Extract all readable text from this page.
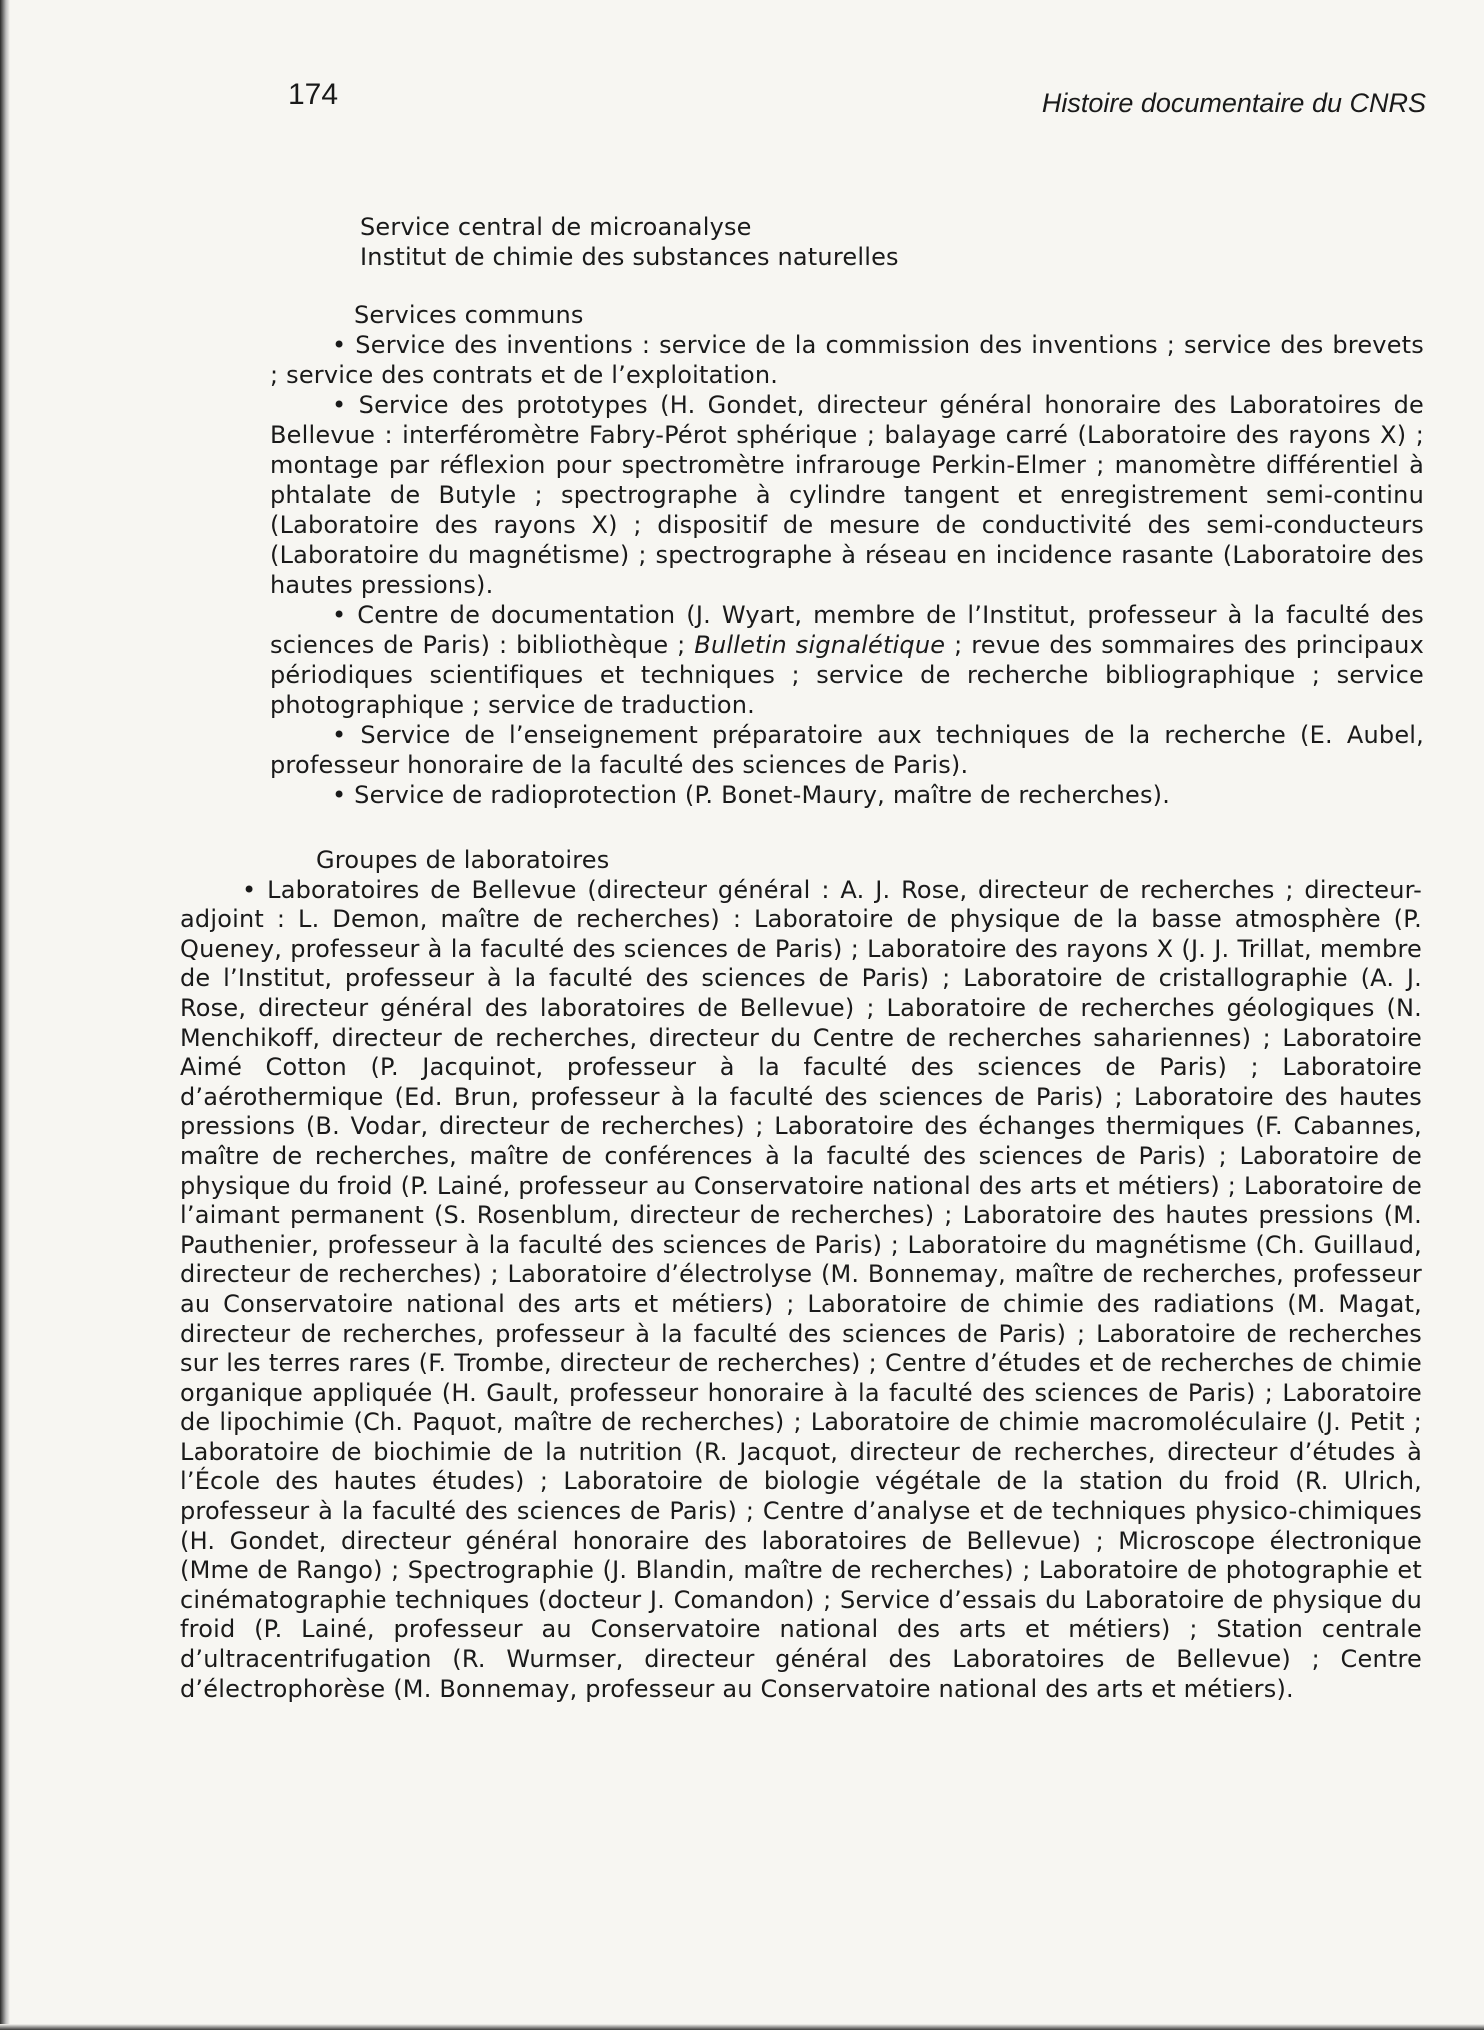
174	Histoire documentaire du CNRS

Service central de microanalyse

Institut de chimie des substances naturelles

Services communs

• Service des inventions : service de la commission des inventions ; service des brevets ; service des contrats et de l’exploitation.

• Service des prototypes (H. Gondet, directeur général honoraire des Laboratoires de Bellevue : interféromètre Fabry-Pérot sphérique ; balayage carré (Laboratoire des rayons X) ; montage par réflexion pour spectromètre infrarouge Perkin-Elmer ; manomètre différentiel à phtalate de Butyle ; spectrographe à cylindre tangent et enregistrement semi-continu (Laboratoire des rayons X) ; dispositif de mesure de conductivité des semi-conducteurs (Laboratoire du magnétisme) ; spectrographe à réseau en incidence rasante (Laboratoire des hautes pressions).

• Centre de documentation (J. Wyart, membre de l’Institut, professeur à la faculté des sciences de Paris) : bibliothèque ; Bulletin signalétique ; revue des sommaires des principaux périodiques scientifiques et techniques ; service de recherche bibliographique ; service photographique ; service de traduction.

• Service de l’enseignement préparatoire aux techniques de la recherche (E. Aubel, professeur honoraire de la faculté des sciences de Paris).

• Service de radioprotection (P. Bonet-Maury, maître de recherches).

Groupes de laboratoires

• Laboratoires de Bellevue (directeur général : A. J. Rose, directeur de recherches ; directeur-adjoint : L. Demon, maître de recherches) : Laboratoire de physique de la basse atmosphère (P. Queney, professeur à la faculté des sciences de Paris) ; Laboratoire des rayons X (J. J. Trillat, membre de l’Institut, professeur à la faculté des sciences de Paris) ; Laboratoire de cristallographie (A. J. Rose, directeur général des laboratoires de Bellevue) ; Laboratoire de recherches géologiques (N. Menchikoff, directeur de recherches, directeur du Centre de recherches sahariennes) ; Laboratoire Aimé Cotton (P. Jacquinot, professeur à la faculté des sciences de Paris) ; Laboratoire d’aérothermique (Ed. Brun, professeur à la faculté des sciences de Paris) ; Laboratoire des hautes pressions (B. Vodar, directeur de recherches) ; Laboratoire des échanges thermiques (F. Cabannes, maître de recherches, maître de conférences à la faculté des sciences de Paris) ; Laboratoire de physique du froid (P. Lainé, professeur au Conservatoire national des arts et métiers) ; Laboratoire de l’aimant permanent (S. Rosenblum, directeur de recherches) ; Laboratoire des hautes pressions (M. Pauthenier, professeur à la faculté des sciences de Paris) ; Laboratoire du magnétisme (Ch. Guillaud, directeur de recherches) ; Laboratoire d’électrolyse (M. Bonnemay, maître de recherches, professeur au Conservatoire national des arts et métiers) ; Laboratoire de chimie des radiations (M. Magat, directeur de recherches, professeur à la faculté des sciences de Paris) ; Laboratoire de recherches sur les terres rares (F. Trombe, directeur de recherches) ; Centre d’études et de recherches de chimie organique appliquée (H. Gault, professeur honoraire à la faculté des sciences de Paris) ; Laboratoire de lipochimie (Ch. Paquot, maître de recherches) ; Laboratoire de chimie macromoléculaire (J. Petit ; Laboratoire de biochimie de la nutrition (R. Jacquot, directeur de recherches, directeur d’études à l’École des hautes études) ; Laboratoire de biologie végétale de la station du froid (R. Ulrich, professeur à la faculté des sciences de Paris) ; Centre d’analyse et de techniques physico-chimiques (H. Gondet, directeur général honoraire des laboratoires de Bellevue) ; Microscope électronique (Mme de Rango) ; Spectrographie (J. Blandin, maître de recherches) ; Laboratoire de photographie et cinématographie techniques (docteur J. Comandon) ; Service d’essais du Laboratoire de physique du froid (P. Lainé, professeur au Conservatoire national des arts et métiers) ; Station centrale d’ultracentrifugation (R. Wurmser, directeur général des Laboratoires de Bellevue) ; Centre d’électrophorèse (M. Bonnemay, professeur au Conservatoire national des arts et métiers).
